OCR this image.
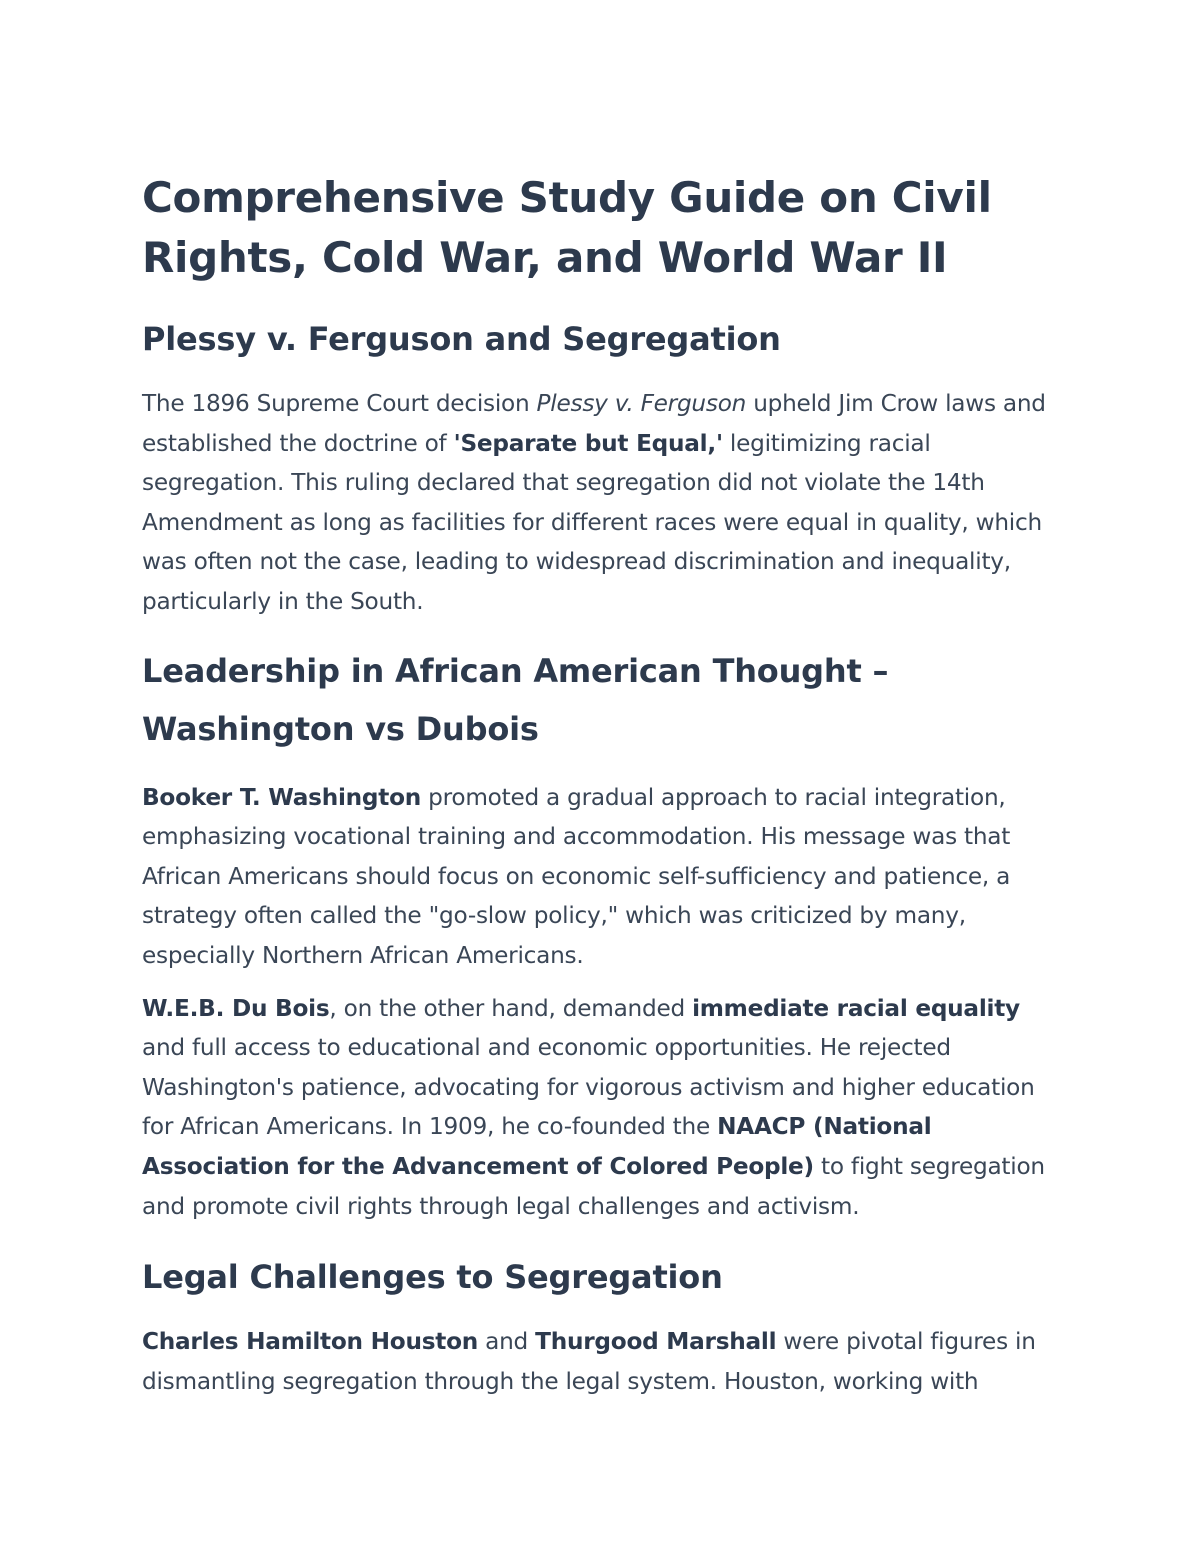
Comprehensive Study Guide on Civil Rights, Cold War, and World War II
Plessy v. Ferguson and Segregation

The 1896 Supreme Court decision Plessy v. Ferguson upheld Jim Crow laws and established the doctrine of 'Separate but Equal,' legitimizing racial segregation. This ruling declared that segregation did not violate the 14th Amendment as long as facilities for different races were equal in quality, which was often not the case, leading to widespread discrimination and inequality, particularly in the South.

Leadership in African American Thought – Washington vs Dubois

Booker T. Washington promoted a gradual approach to racial integration, emphasizing vocational training and accommodation. His message was that African Americans should focus on economic self-sufficiency and patience, a strategy often called the "go-slow policy," which was criticized by many, especially Northern African Americans.

W.E.B. Du Bois, on the other hand, demanded immediate racial equality and full access to educational and economic opportunities. He rejected Washington's patience, advocating for vigorous activism and higher education for African Americans. In 1909, he co-founded the NAACP (National Association for the Advancement of Colored People) to fight segregation and promote civil rights through legal challenges and activism.

Legal Challenges to Segregation

Charles Hamilton Houston and Thurgood Marshall were pivotal figures in dismantling segregation through the legal system. Houston, working with
